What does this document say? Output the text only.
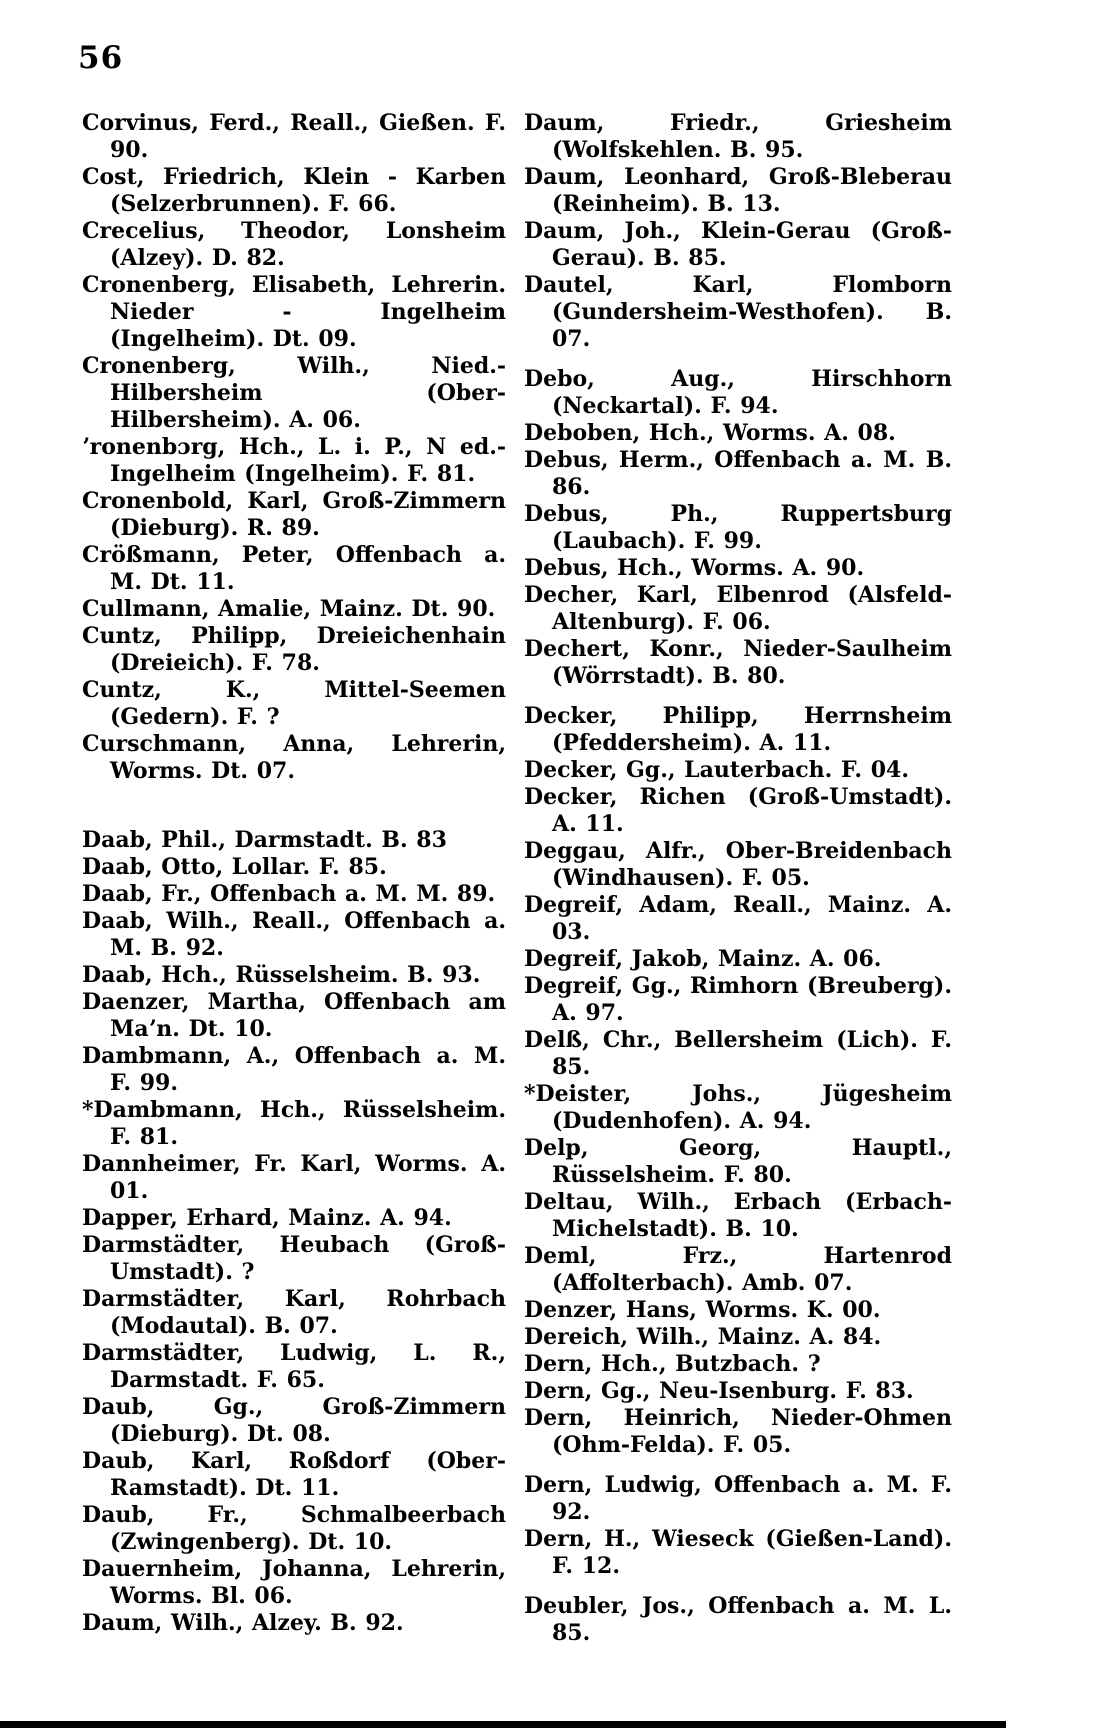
56

Corvinus, Ferd., Reall., Gießen. F. 90.

Cost, Friedrich, Klein - Karben (Selzerbrunnen). F. 66.

Crecelius, Theodor, Lonsheim (Alzey). D. 82.

Cronenberg, Elisabeth, Lehrerin. Nieder - Ingelheim (Ingelheim). Dt. 09.

Cronenberg, Wilh., Nied.-Hilbersheim (Ober-Hilbersheim). A. 06.

ʼronenbɔrg, Hch., L. i. P., N ed.-Ingelheim (Ingelheim). F. 81.

Cronenbold, Karl, Groß-Zimmern (Dieburg). R. 89.

Crößmann, Peter, Offenbach a. M. Dt. 11.

Cullmann, Amalie, Mainz. Dt. 90.

Cuntz, Philipp, Dreieichenhain (Dreieich). F. 78.

Cuntz, K., Mittel-Seemen (Gedern). F. ?

Curschmann, Anna, Lehrerin, Worms. Dt. 07.

Daab, Phil., Darmstadt. B. 83

Daab, Otto, Lollar. F. 85.

Daab, Fr., Offenbach a. M. M. 89.

Daab, Wilh., Reall., Offenbach a. M. B. 92.

Daab, Hch., Rüsselsheim. B. 93.

Daenzer, Martha, Offenbach am Maʼn. Dt. 10.

Dambmann, A., Offenbach a. M. F. 99.

*Dambmann, Hch., Rüsselsheim. F. 81.

Dannheimer, Fr. Karl, Worms. A. 01.

Dapper, Erhard, Mainz. A. 94.

Darmstädter, Heubach (Groß-Umstadt). ?

Darmstädter, Karl, Rohrbach (Modautal). B. 07.

Darmstädter, Ludwig, L. R., Darmstadt. F. 65.

Daub, Gg., Groß-Zimmern (Dieburg). Dt. 08.

Daub, Karl, Roßdorf (Ober-Ramstadt). Dt. 11.

Daub, Fr., Schmalbeerbach (Zwingenberg). Dt. 10.

Dauernheim, Johanna, Lehrerin, Worms. Bl. 06.

Daum, Wilh., Alzey. B. 92.

Daum, Friedr., Griesheim (Wolfskehlen. B. 95.

Daum, Leonhard, Groß-Bleberau (Reinheim). B. 13.

Daum, Joh., Klein-Gerau (Groß-Gerau). B. 85.

Dautel, Karl, Flomborn (Gundersheim-Westhofen). B. 07.

Debo, Aug., Hirschhorn (Neckartal). F. 94.

Deboben, Hch., Worms. A. 08.

Debus, Herm., Offenbach a. M. B. 86.

Debus, Ph., Ruppertsburg (Laubach). F. 99.

Debus, Hch., Worms. A. 90.

Decher, Karl, Elbenrod (Alsfeld-Altenburg). F. 06.

Dechert, Konr., Nieder-Saulheim (Wörrstadt). B. 80.

Decker, Philipp, Herrnsheim (Pfeddersheim). A. 11.

Decker, Gg., Lauterbach. F. 04.

Decker, Richen (Groß-Umstadt). A. 11.

Deggau, Alfr., Ober-Breidenbach (Windhausen). F. 05.

Degreif, Adam, Reall., Mainz. A. 03.

Degreif, Jakob, Mainz. A. 06.

Degreif, Gg., Rimhorn (Breuberg). A. 97.

Delß, Chr., Bellersheim (Lich). F. 85.

*Deister, Johs., Jügesheim (Dudenhofen). A. 94.

Delp, Georg, Hauptl., Rüsselsheim. F. 80.

Deltau, Wilh., Erbach (Erbach-Michelstadt). B. 10.

Deml, Frz., Hartenrod (Affolterbach). Amb. 07.

Denzer, Hans, Worms. K. 00.

Dereich, Wilh., Mainz. A. 84.

Dern, Hch., Butzbach. ?

Dern, Gg., Neu-Isenburg. F. 83.

Dern, Heinrich, Nieder-Ohmen (Ohm-Felda). F. 05.

Dern, Ludwig, Offenbach a. M. F. 92.

Dern, H., Wieseck (Gießen-Land). F. 12.

Deubler, Jos., Offenbach a. M. L. 85.
